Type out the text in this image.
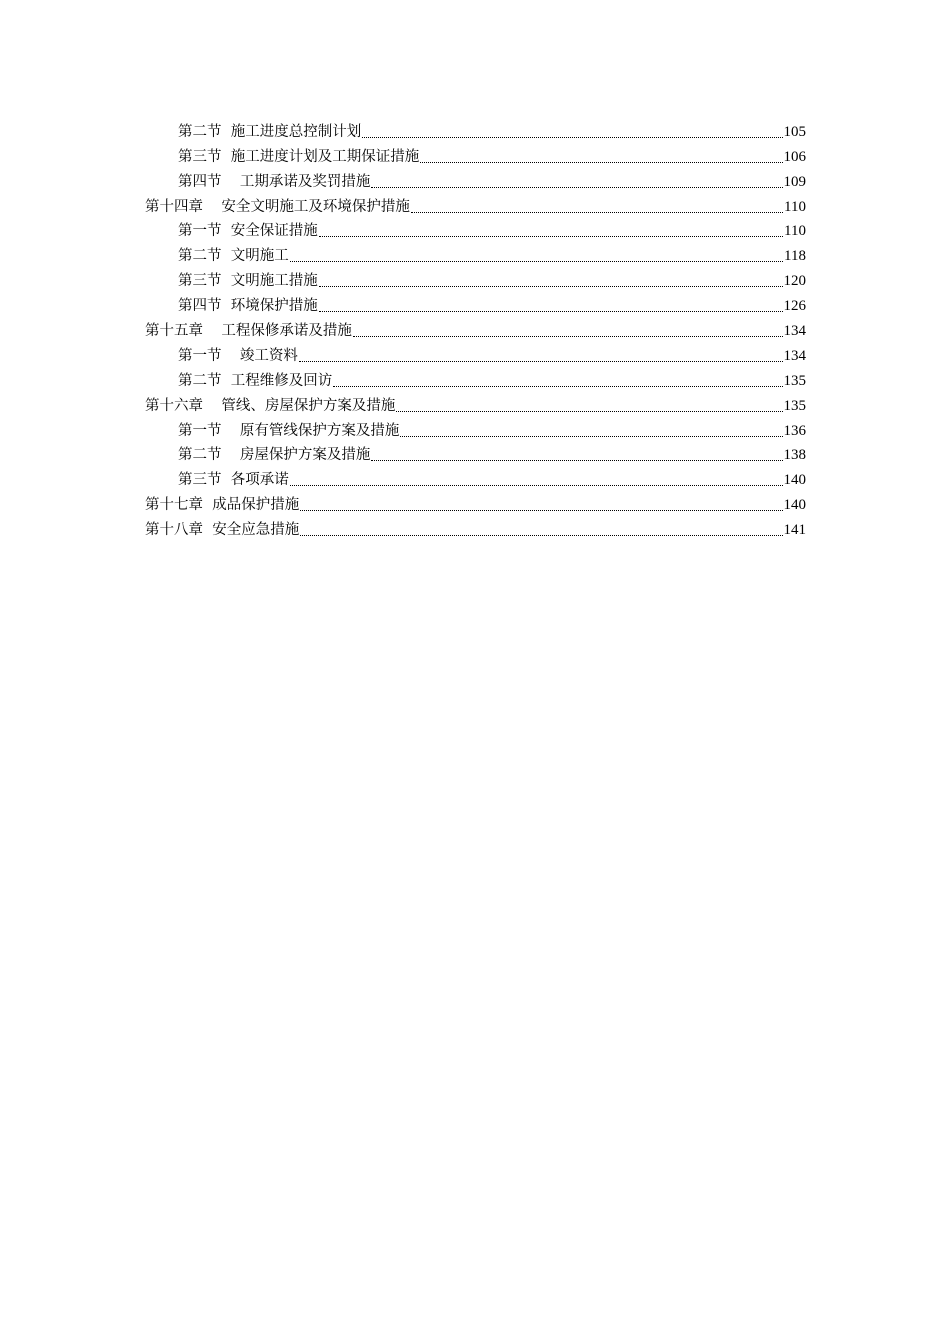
第二节  施工进度总控制计划	105
第三节  施工进度计划及工期保证措施	106
第四节    工期承诺及奖罚措施	109
第十四章    安全文明施工及环境保护措施	110
第一节  安全保证措施	110
第二节  文明施工	118
第三节  文明施工措施	120
第四节  环境保护措施	126
第十五章    工程保修承诺及措施	134
第一节    竣工资料	134
第二节  工程维修及回访	135
第十六章    管线、房屋保护方案及措施	135
第一节    原有管线保护方案及措施	136
第二节    房屋保护方案及措施	138
第三节  各项承诺	140
第十七章  成品保护措施	140
第十八章  安全应急措施	141
